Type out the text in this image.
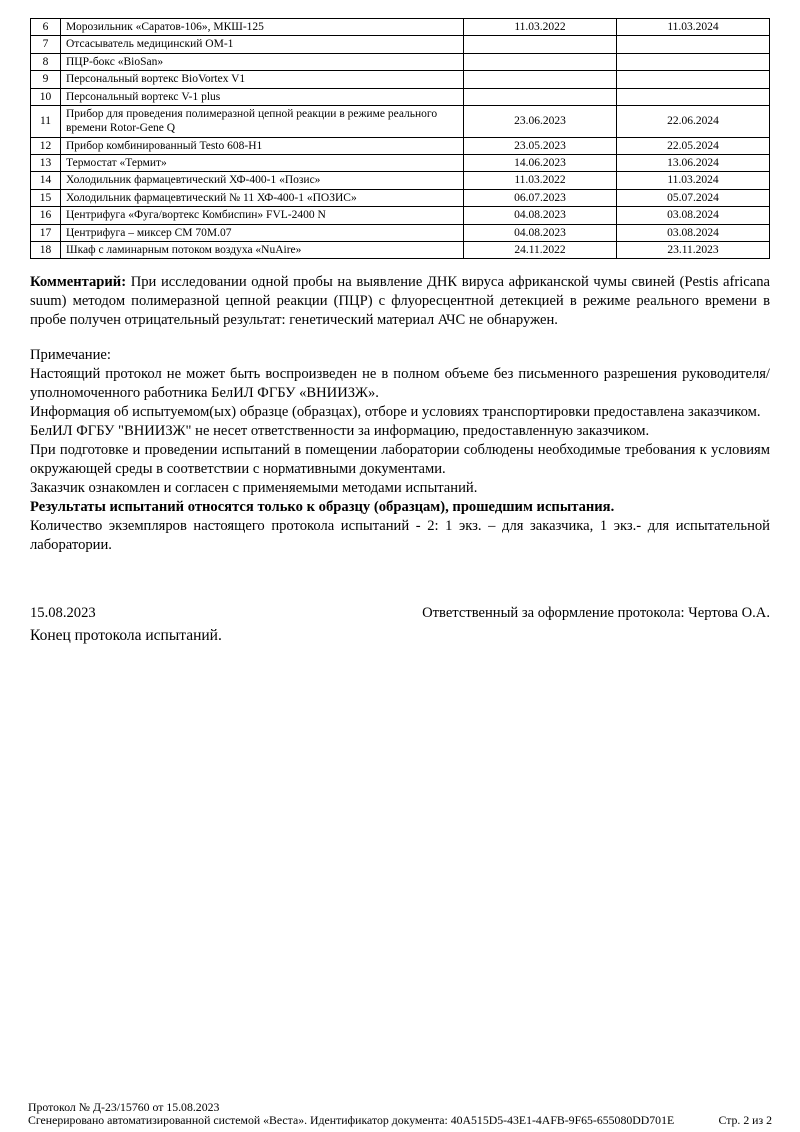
6	Морозильник «Саратов-106», МКШ-125	11.03.2022	11.03.2024
7	Отсасыватель медицинский ОМ-1		
8	ПЦР-бокс «BioSan»		
9	Персональный вортекс BioVortex V1		
10	Персональный вортекс V-1 plus		
11	Прибор для проведения полимеразной цепной реакции в режиме реального времени Rotor-Gene Q	23.06.2023	22.06.2024
12	Прибор комбинированный Testo 608-H1	23.05.2023	22.05.2024
13	Термостат «Термит»	14.06.2023	13.06.2024
14	Холодильник фармацевтический ХФ-400-1 «Позис»	11.03.2022	11.03.2024
15	Холодильник фармацевтический № 11 ХФ-400-1 «ПОЗИС»	06.07.2023	05.07.2024
16	Центрифуга «Фуга/вортекс Комбиспин» FVL-2400 N	04.08.2023	03.08.2024
17	Центрифуга – миксер СМ 70М.07	04.08.2023	03.08.2024
18	Шкаф с ламинарным потоком воздуха «NuAire»	24.11.2022	23.11.2023
Комментарий: При исследовании одной пробы на выявление ДНК вируса африканской чумы свиней (Pestis africana suum) методом полимеразной цепной реакции (ПЦР) с флуоресцентной детекцией в режиме реального времени в пробе получен отрицательный результат: генетический материал АЧС не обнаружен.

Примечание:

Настоящий протокол не может быть воспроизведен не в полном объеме без письменного разрешения руководителя/уполномоченного работника БелИЛ ФГБУ «ВНИИЗЖ».

Информация об испытуемом(ых) образце (образцах), отборе и условиях транспортировки предоставлена заказчиком.

БелИЛ ФГБУ "ВНИИЗЖ" не несет ответственности за информацию, предоставленную заказчиком.

При подготовке и проведении испытаний в помещении лаборатории соблюдены необходимые требования к условиям окружающей среды в соответствии с нормативными документами.

Заказчик ознакомлен и согласен с применяемыми методами испытаний.

Результаты испытаний относятся только к образцу (образцам), прошедшим испытания.

Количество экземпляров настоящего протокола испытаний - 2: 1 экз. – для заказчика, 1 экз.- для испытательной лаборатории.

15.08.2023	Ответственный за оформление протокола: Чертова О.А.
Конец протокола испытаний.
Протокол № Д-23/15760 от 15.08.2023
Сгенерировано автоматизированной системой «Веста». Идентификатор документа: 40A515D5-43E1-4AFB-9F65-655080DD701E	Стр. 2 из 2
